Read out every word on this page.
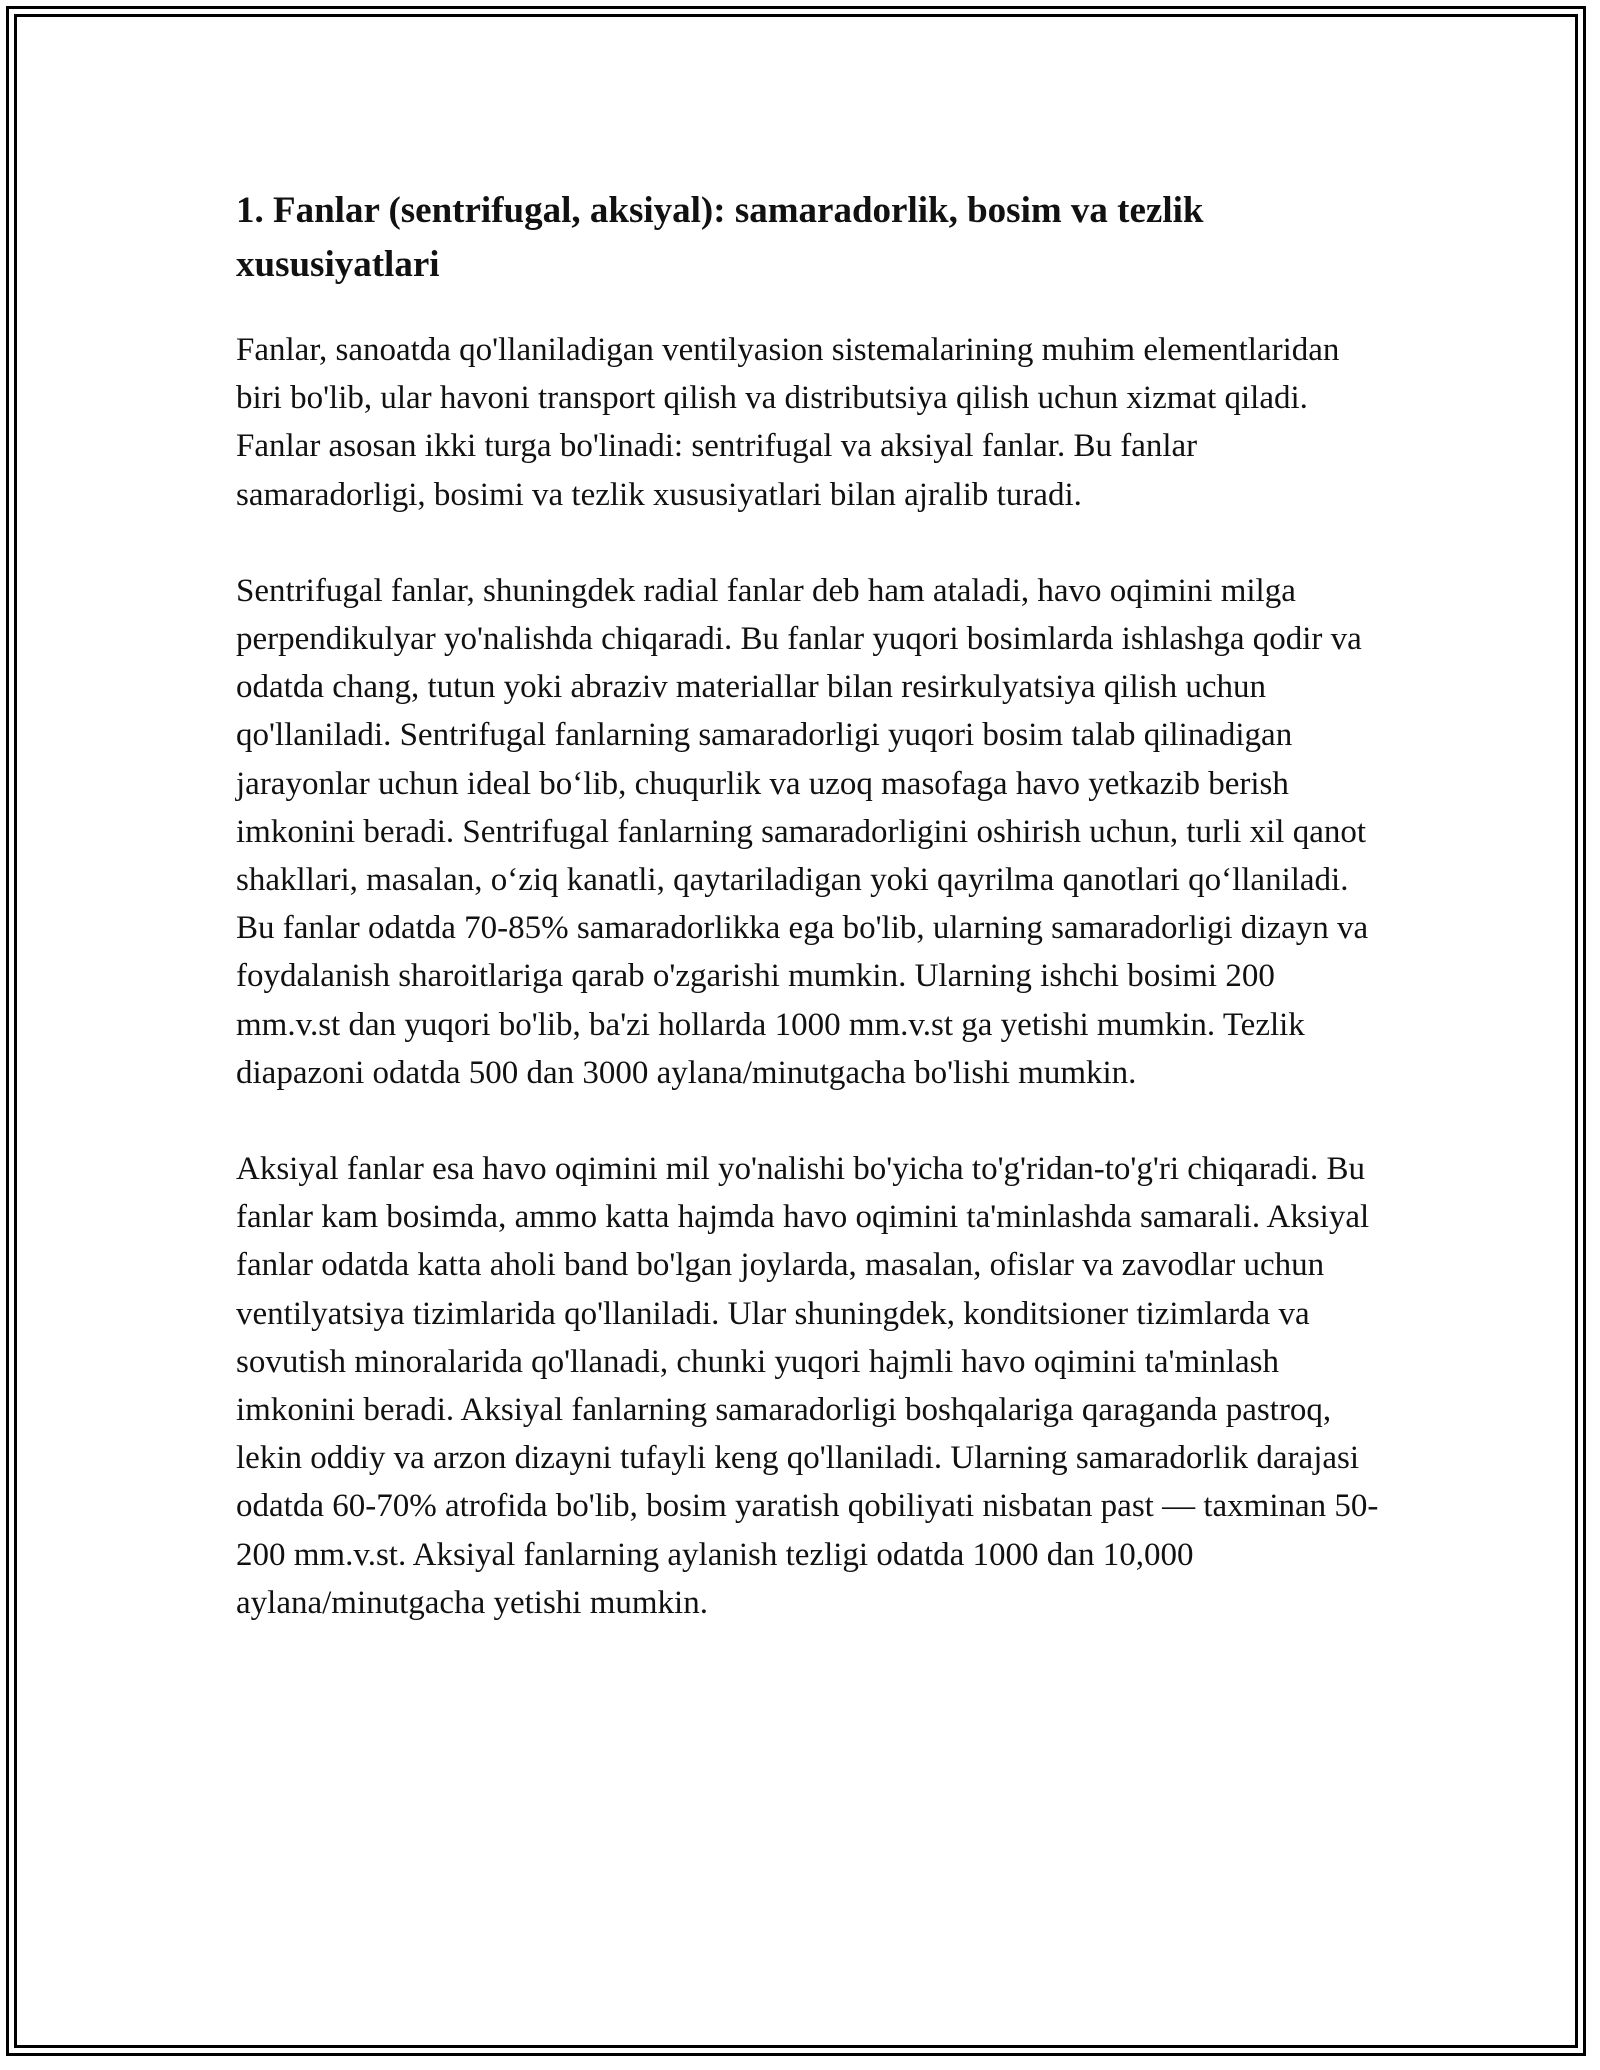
1. Fanlar (sentrifugal, aksiyal): samaradorlik, bosim va tezlik xususiyatlari

Fanlar, sanoatda qo'llaniladigan ventilyasion sistemalarining muhim elementlaridan biri bo'lib, ular havoni transport qilish va distributsiya qilish uchun xizmat qiladi. Fanlar asosan ikki turga bo'linadi: sentrifugal va aksiyal fanlar. Bu fanlar samaradorligi, bosimi va tezlik xususiyatlari bilan ajralib turadi.

Sentrifugal fanlar, shuningdek radial fanlar deb ham ataladi, havo oqimini milga perpendikulyar yo'nalishda chiqaradi. Bu fanlar yuqori bosimlarda ishlashga qodir va odatda chang, tutun yoki abraziv materiallar bilan resirkulyatsiya qilish uchun qo'llaniladi. Sentrifugal fanlarning samaradorligi yuqori bosim talab qilinadigan jarayonlar uchun ideal bo‘lib, chuqurlik va uzoq masofaga havo yetkazib berish imkonini beradi. Sentrifugal fanlarning samaradorligini oshirish uchun, turli xil qanot shakllari, masalan, o‘ziq kanatli, qaytariladigan yoki qayrilma qanotlari qo‘llaniladi. Bu fanlar odatda 70-85% samaradorlikka ega bo'lib, ularning samaradorligi dizayn va foydalanish sharoitlariga qarab o'zgarishi mumkin. Ularning ishchi bosimi 200 mm.v.st dan yuqori bo'lib, ba'zi hollarda 1000 mm.v.st ga yetishi mumkin. Tezlik diapazoni odatda 500 dan 3000 aylana/minutgacha bo'lishi mumkin.

Aksiyal fanlar esa havo oqimini mil yo'nalishi bo'yicha to'g'ridan-to'g'ri chiqaradi. Bu fanlar kam bosimda, ammo katta hajmda havo oqimini ta'minlashda samarali. Aksiyal fanlar odatda katta aholi band bo'lgan joylarda, masalan, ofislar va zavodlar uchun ventilyatsiya tizimlarida qo'llaniladi. Ular shuningdek, konditsioner tizimlarda va sovutish minoralarida qo'llanadi, chunki yuqori hajmli havo oqimini ta'minlash imkonini beradi. Aksiyal fanlarning samaradorligi boshqalariga qaraganda pastroq, lekin oddiy va arzon dizayni tufayli keng qo'llaniladi. Ularning samaradorlik darajasi odatda 60-70% atrofida bo'lib, bosim yaratish qobiliyati nisbatan past — taxminan 50-200 mm.v.st. Aksiyal fanlarning aylanish tezligi odatda 1000 dan 10,000 aylana/minutgacha yetishi mumkin.
